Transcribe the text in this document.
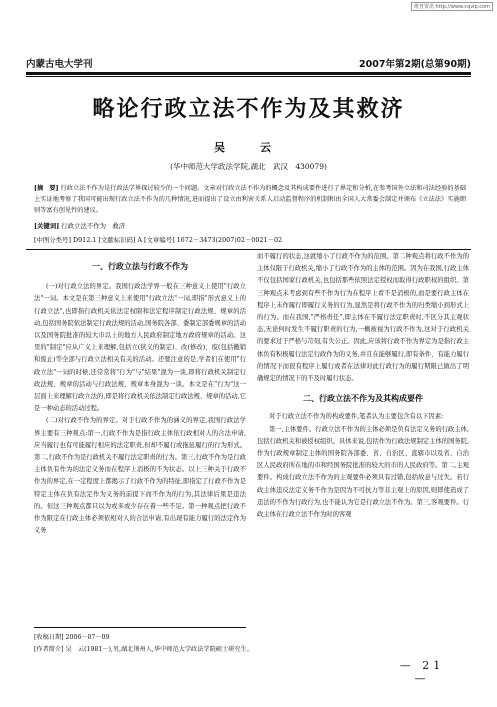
维普资讯 http://www.cqvip.com
内蒙古电大学刊	2007年第2期(总第90期)
略论行政立法不作为及其救济
吴　云
(华中师范大学政法学院,湖北　武汉　430079)
[摘　要] 行政立法不作为是行政法学界探讨较少的一个问题。文章对行政立法不作为的概念及其构成要件进行了界定和分析,在参考国外立法和司法经验的基础上实证地考察了我国可能出现行政立法不作为的几种情况,进而提出了设立由利害关系人启动监督程序的机制和由全国人大常委会制定并颁布《立法法》实施细则等富有创见性的建议。
[关键词] 行政立法不作为　救济
[中图分类号] D912.1 [文献标识码] A [文章编号] 1672－3473(2007)02－0021－02
一、行政立法与行政不作为

(一)对行政立法的界定。我国行政法学界一般在三种意义上使用"行政立法"一词。本文是在第三种意义上来使用"行政立法"一词,即指"形式意义上的行政立法",也即指行政机关依法定权限和法定程序制定行政法规、规章的活动,包括国务院依法制定行政法规的活动,国务院各部、委制定部委规章的活动以及国务院批准的较大市以上的地方人民政府制定地方政府规章的活动。这里的"制定"应从广义上来理解,包括立(狭义的制定)、改(修改)、废(包括撤销和废止)等全部与行政立法相关有关的活动。还要注意的是,学者们在使用"行政立法"一词的时候,还常常将"行为"与"结果"混为一谈,即将行政机关制定行政法规、规章的活动与行政法规、规章本身混为一谈。本文是在"行为"这一层面上来理解行政立法的,即是将行政机关依法制定行政法规、规章的活动,它是一种动态的活动过程。

(二)对行政不作为的界定。对于行政不作为的涵义的界定,我国行政法学界主要有三种观点:第一,行政不作为是指行政主体依行政相对人的合法申请,应当履行也有可能履行相应的法定职责,但却不履行或拖延履行的行为形式。第二,行政不作为是行政机关不履行法定职责的行为。第三,行政不作为是行政主体负有作为的法定义务而在程序上消极的不为状态。以上三种关于行政不作为的界定,在一定程度上都揭示了行政不作为的特征,即指定了行政不作为是特定主体在负有法定作为义务的前提下而不作为的行为,其法律后果是违法的。但这三种观点都只以为或多或少存在着一些不足。第一种观点把行政不作为限定在行政主体必须依相对人的合法申请,有出现有能力履行的法定作为义务

而不履行的状态,这就缩小了行政不作为的范围。第二种观点将行政不作为的主体仅限于行政机关,缩小了行政不作为的主体的范围。因为在我国,行政主体不仅包括国家行政机关,也包括那些依照法定授权而取得行政职权的组织。第三种观点未考虑到有些不作为行为在程序上看不是消极的,而是要行政主体在程序上未作履行即履行义务的行为,显然是将行政不作为的归类缩小到形式上的行为。而在我国,"严格责任",即主体在不履行法定职责时,不区分其主观状态,无论何时发生不履行职责的行为,一概被视为行政不作为,这对于行政机关的要求过于严格与苛刻,有失公正。因此,应该将行政不作为界定为是指行政主体负有积极履行法定行政作为的义务,并且在能够履行,即有条件、有能力履行的情况下而很有程序上履行或者在法律对此行政行为的履行期限已做出了明确规定的情况下的不及时履行状态。

二、行政立法不作为及其构成要件

对于行政立法不作为的构成要件,笔者认为主要包含有以下因素:

第一,主体要件。行政立法不作为的主体必须是负有法定义务的行政主体,包括行政机关和被授权组织。具体来说,包括作为行政法规制定主体的国务院,作为行政规章制定主体的国务院各部委、省、自治区、直辖市以及省、自治区人民政府所在地的市和经国务院批准的较大的市的人民政府等。第二,主观要件。构成行政立法不作为的主观要件必须具有过错,包括故意与过失。若行政主体违反法定义务不作为是因为不可抗力等非主观上的原因,则即使造成了违法的不作为行政行为,也不能认为它是行政立法不作为。第三,客观要件。行政主体在行政立法不作为时的客观

[收稿日期] 2006－07－09
[作者简介] 吴　云(1981－),男,湖北荆州人,华中师范大学政法学院硕士研究生。
— 21 —
